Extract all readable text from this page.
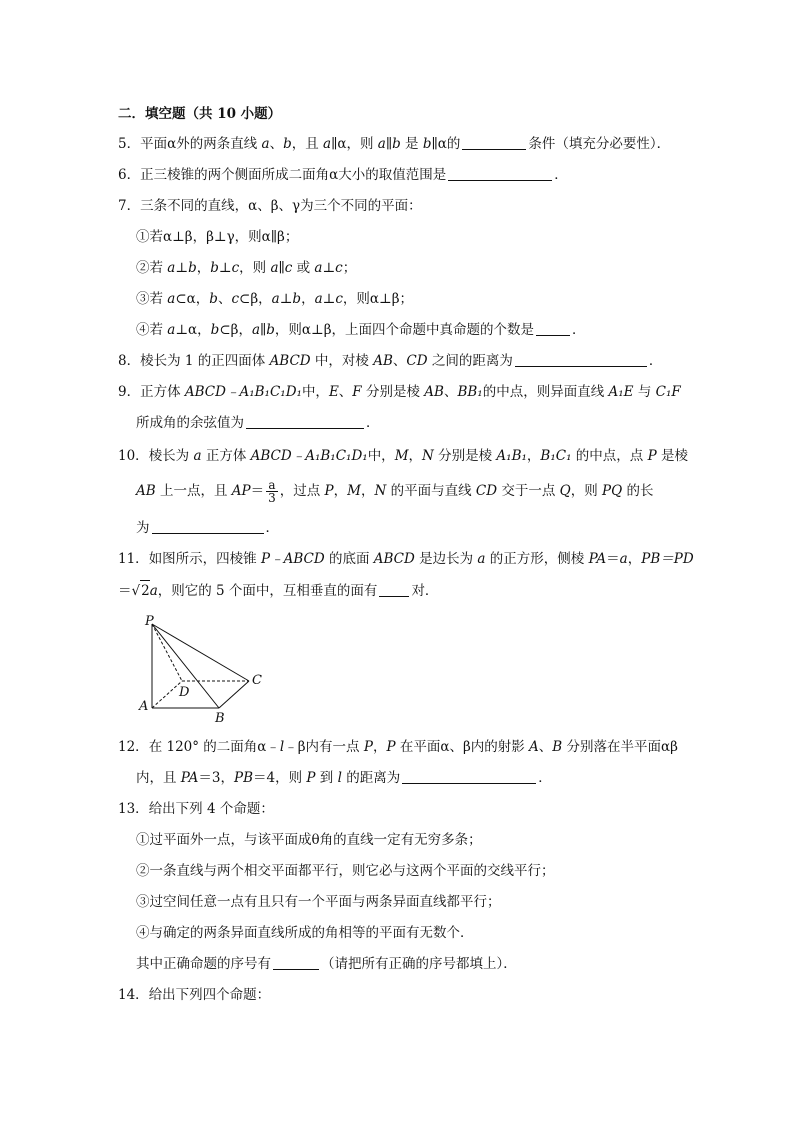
二．填空题（共 10 小题）
5．平面α外的两条直线 a、b，且 a∥α，则 a∥b 是 b∥α的	条件（填充分必要性）．
6．正三棱锥的两个侧面所成二面角α大小的取值范围是	．
7．三条不同的直线，α、β、γ为三个不同的平面：
①若α⊥β，β⊥γ，则α∥β；
②若 a⊥b，b⊥c，则 a∥c 或 a⊥c；
③若 a⊂α，b、c⊂β，a⊥b，a⊥c，则α⊥β；
④若 a⊥α，b⊂β，a∥b，则α⊥β，上面四个命题中真命题的个数是	．
8．棱长为 1 的正四面体 ABCD 中，对棱 AB、CD 之间的距离为	．
9．正方体 ABCD﹣A₁B₁C₁D₁中，E、F 分别是棱 AB、BB₁的中点，则异面直线 A₁E 与 C₁F
所成角的余弦值为	．
10．棱长为 a 正方体 ABCD﹣A₁B₁C₁D₁中，M，N 分别是棱 A₁B₁，B₁C₁ 的中点，点 P 是棱
AB 上一点，且 $AP= \frac{a}{3}$ ，过点 P，M，N 的平面与直线 CD 交于一点 Q，则 PQ 的长
为	．
11．如图所示，四棱锥 P﹣ABCD 的底面 ABCD 是边长为 a 的正方形，侧棱 PA＝a，PB＝PD
＝√2a，则它的 5 个面中，互相垂直的面有	对．
P
A
B
C
D
12．在 120° 的二面角α﹣l﹣β内有一点 P，P 在平面α、β内的射影 A、B 分别落在半平面αβ
内，且 PA＝3，PB＝4，则 P 到 l 的距离为	．
13．给出下列 4 个命题：
①过平面外一点，与该平面成θ角的直线一定有无穷多条；
②一条直线与两个相交平面都平行，则它必与这两个平面的交线平行；
③过空间任意一点有且只有一个平面与两条异面直线都平行；
④与确定的两条异面直线所成的角相等的平面有无数个．
其中正确命题的序号有	（请把所有正确的序号都填上）．
14．给出下列四个命题：
